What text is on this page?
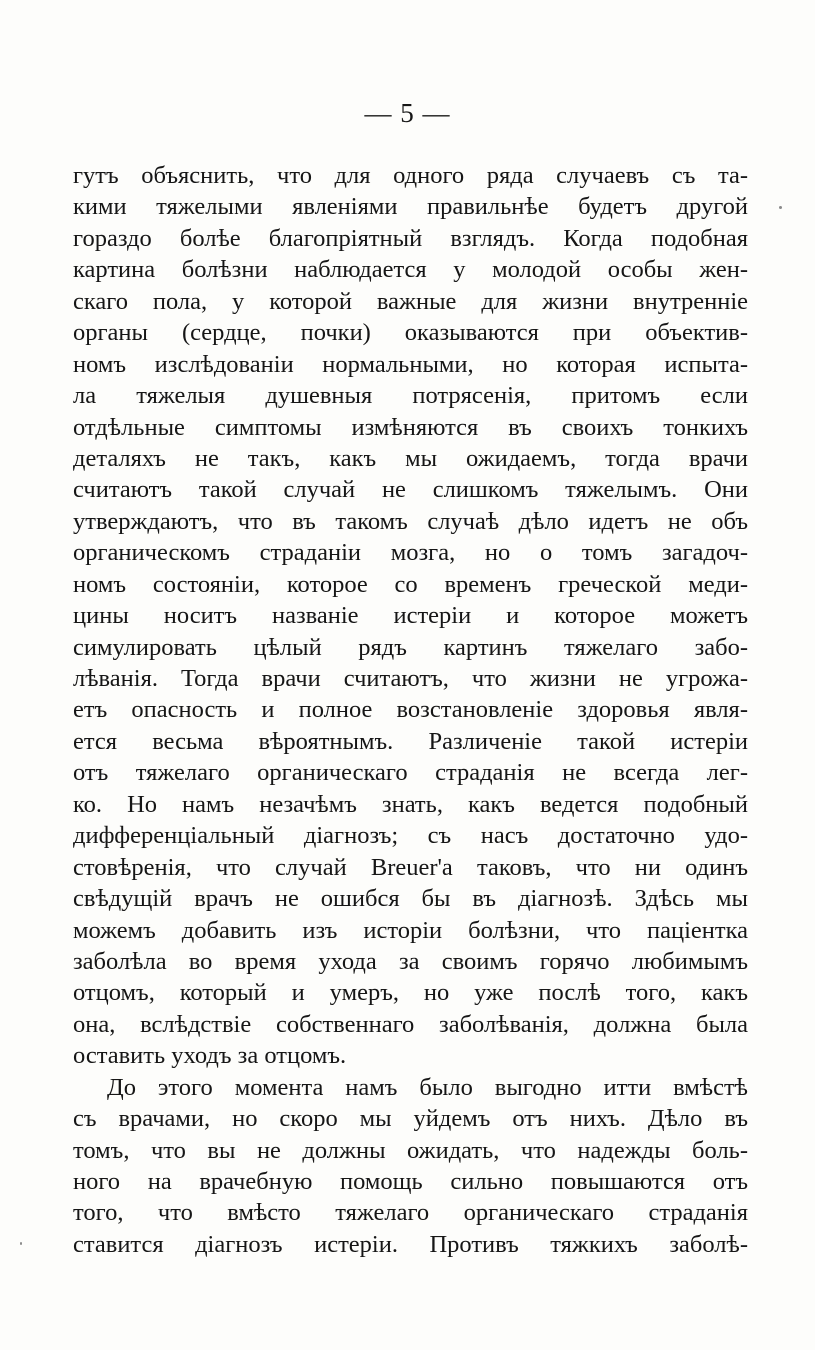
— 5 —
гутъ объяснить, что для одного ряда случаевъ съ та-
кими тяжелыми явленіями правильнѣе будетъ другой
гораздо болѣе благопріятный взглядъ. Когда подобная
картина болѣзни наблюдается у молодой особы жен-
скаго пола, у которой важные для жизни внутренніе
органы (сердце, почки) оказываются при объектив-
номъ изслѣдованіи нормальными, но которая испыта-
ла тяжелыя душевныя потрясенія, притомъ если
отдѣльные симптомы измѣняются въ своихъ тонкихъ
деталяхъ не такъ, какъ мы ожидаемъ, тогда врачи
считаютъ такой случай не слишкомъ тяжелымъ. Они
утверждаютъ, что въ такомъ случаѣ дѣло идетъ не объ
органическомъ страданіи мозга, но о томъ загадоч-
номъ состояніи, которое со временъ греческой меди-
цины носитъ названіе истеріи и которое можетъ
симулировать цѣлый рядъ картинъ тяжелаго забо-
лѣванія. Тогда врачи считаютъ, что жизни не угрожа-
етъ опасность и полное возстановленіе здоровья явля-
ется весьма вѣроятнымъ. Различеніе такой истеріи
отъ тяжелаго органическаго страданія не всегда лег-
ко. Но намъ незачѣмъ знать, какъ ведется подобный
дифференціальный діагнозъ; съ насъ достаточно удо-
стовѣренія, что случай Breuer'a таковъ, что ни одинъ
свѣдущій врачъ не ошибся бы въ діагнозѣ. Здѣсь мы
можемъ добавить изъ исторіи болѣзни, что паціентка
заболѣла во время ухода за своимъ горячо любимымъ
отцомъ, который и умеръ, но уже послѣ того, какъ
она, вслѣдствіе собственнаго заболѣванія, должна была
оставить уходъ за отцомъ.
До этого момента намъ было выгодно итти вмѣстѣ
съ врачами, но скоро мы уйдемъ отъ нихъ. Дѣло въ
томъ, что вы не должны ожидать, что надежды боль-
ного на врачебную помощь сильно повышаются отъ
того, что вмѣсто тяжелаго органическаго страданія
ставится діагнозъ истеріи. Противъ тяжкихъ заболѣ-
